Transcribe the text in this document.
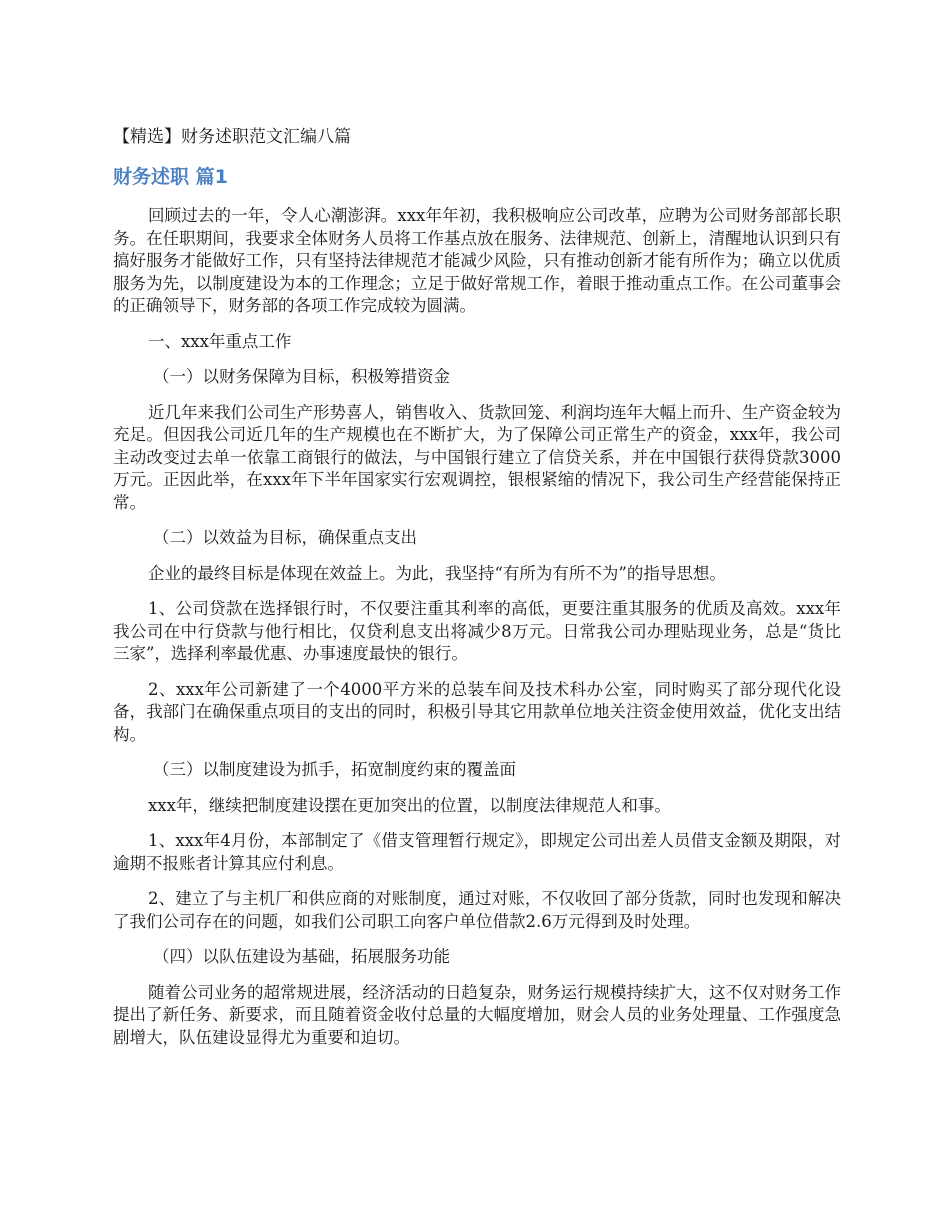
【精选】财务述职范文汇编八篇
财务述职 篇1

回顾过去的一年，令人心潮澎湃。xxx年年初，我积极响应公司改革，应聘为公司财务部部长职务。在任职期间，我要求全体财务人员将工作基点放在服务、法律规范、创新上，清醒地认识到只有搞好服务才能做好工作，只有坚持法律规范才能减少风险，只有推动创新才能有所作为；确立以优质服务为先，以制度建设为本的工作理念；立足于做好常规工作，着眼于推动重点工作。在公司董事会的正确领导下，财务部的各项工作完成较为圆满。

一、xxx年重点工作

（一）以财务保障为目标，积极筹措资金

近几年来我们公司生产形势喜人，销售收入、货款回笼、利润均连年大幅上而升、生产资金较为充足。但因我公司近几年的生产规模也在不断扩大，为了保障公司正常生产的资金，xxx年，我公司主动改变过去单一依靠工商银行的做法，与中国银行建立了信贷关系，并在中国银行获得贷款3000万元。正因此举，在xxx年下半年国家实行宏观调控，银根紧缩的情况下，我公司生产经营能保持正常。

（二）以效益为目标，确保重点支出

企业的最终目标是体现在效益上。为此，我坚持“有所为有所不为”的指导思想。

1、公司贷款在选择银行时，不仅要注重其利率的高低，更要注重其服务的优质及高效。xxx年我公司在中行贷款与他行相比，仅贷利息支出将减少8万元。日常我公司办理贴现业务，总是“货比三家”，选择利率最优惠、办事速度最快的银行。

2、xxx年公司新建了一个4000平方米的总装车间及技术科办公室，同时购买了部分现代化设备，我部门在确保重点项目的支出的同时，积极引导其它用款单位地关注资金使用效益，优化支出结构。

（三）以制度建设为抓手，拓宽制度约束的覆盖面

xxx年，继续把制度建设摆在更加突出的位置，以制度法律规范人和事。

1、xxx年4月份，本部制定了《借支管理暂行规定》，即规定公司出差人员借支金额及期限，对逾期不报账者计算其应付利息。

2、建立了与主机厂和供应商的对账制度，通过对账，不仅收回了部分货款，同时也发现和解决了我们公司存在的问题，如我们公司职工向客户单位借款2.6万元得到及时处理。

（四）以队伍建设为基础，拓展服务功能

随着公司业务的超常规进展，经济活动的日趋复杂，财务运行规模持续扩大，这不仅对财务工作提出了新任务、新要求，而且随着资金收付总量的大幅度增加，财会人员的业务处理量、工作强度急剧增大，队伍建设显得尤为重要和迫切。
